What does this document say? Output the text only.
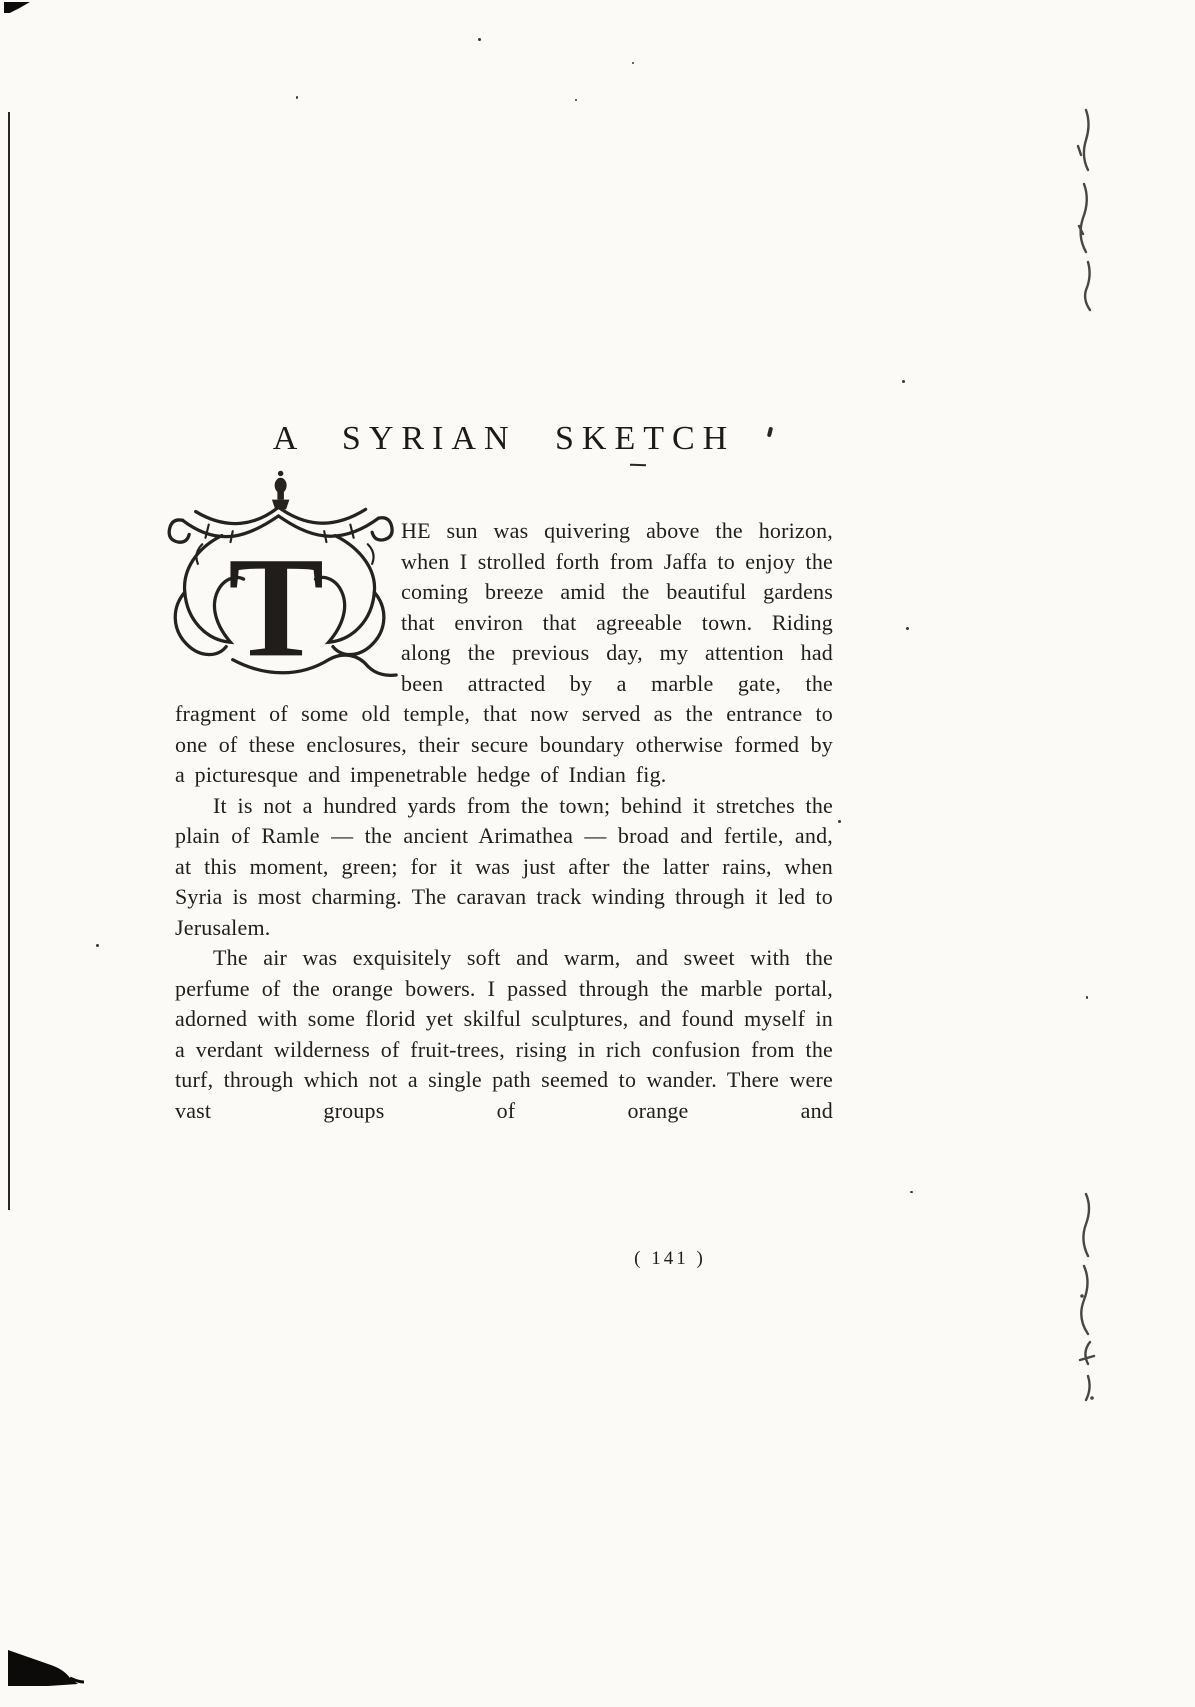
A SYRIAN SKETCH

T	HE sun was quivering above the horizon, when I strolled forth from Jaffa to enjoy the coming breeze amid the beautiful gardens that environ that agreeable town. Riding along the previous day, my attention had been attracted by a marble gate, the fragment of some old temple, that now served as the entrance to one of these enclosures, their secure boundary otherwise formed by a picturesque and impenetrable hedge of Indian fig.

It is not a hundred yards from the town; behind it stretches the plain of Ramle — the ancient Arimathea — broad and fertile, and, at this moment, green; for it was just after the latter rains, when Syria is most charming. The caravan track winding through it led to Jerusalem.

The air was exquisitely soft and warm, and sweet with the perfume of the orange bowers. I passed through the marble portal, adorned with some florid yet skilful sculptures, and found myself in a verdant wilderness of fruit-trees, rising in rich confusion from the turf, through which not a single path seemed to wander. There were vast groups of orange and

( 141 )
